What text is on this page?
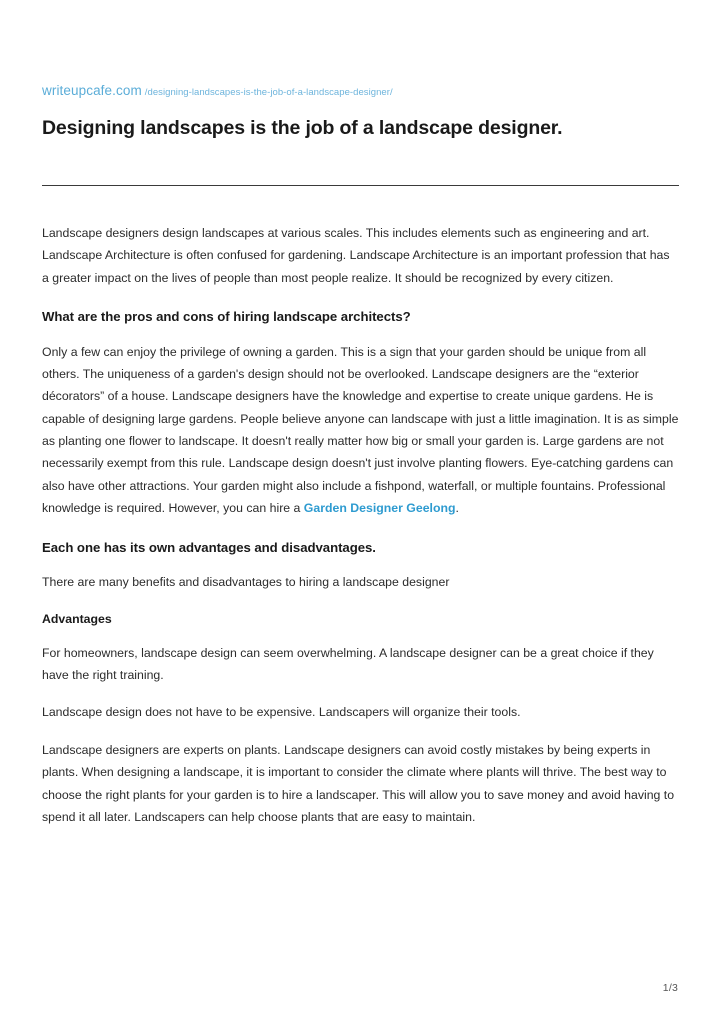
writeupcafe.com /designing-landscapes-is-the-job-of-a-landscape-designer/
Designing landscapes is the job of a landscape designer.

Landscape designers design landscapes at various scales. This includes elements such as engineering and art. Landscape Architecture is often confused for gardening. Landscape Architecture is an important profession that has a greater impact on the lives of people than most people realize. It should be recognized by every citizen.

What are the pros and cons of hiring landscape architects?

Only a few can enjoy the privilege of owning a garden. This is a sign that your garden should be unique from all others. The uniqueness of a garden's design should not be overlooked. Landscape designers are the “exterior décorators” of a house. Landscape designers have the knowledge and expertise to create unique gardens. He is capable of designing large gardens. People believe anyone can landscape with just a little imagination. It is as simple as planting one flower to landscape. It doesn't really matter how big or small your garden is. Large gardens are not necessarily exempt from this rule. Landscape design doesn't just involve planting flowers. Eye-catching gardens can also have other attractions. Your garden might also include a fishpond, waterfall, or multiple fountains. Professional knowledge is required. However, you can hire a Garden Designer Geelong.

Each one has its own advantages and disadvantages.

There are many benefits and disadvantages to hiring a landscape designer

Advantages

For homeowners, landscape design can seem overwhelming. A landscape designer can be a great choice if they have the right training.

Landscape design does not have to be expensive. Landscapers will organize their tools.

Landscape designers are experts on plants. Landscape designers can avoid costly mistakes by being experts in plants. When designing a landscape, it is important to consider the climate where plants will thrive. The best way to choose the right plants for your garden is to hire a landscaper. This will allow you to save money and avoid having to spend it all later. Landscapers can help choose plants that are easy to maintain.

1/3
